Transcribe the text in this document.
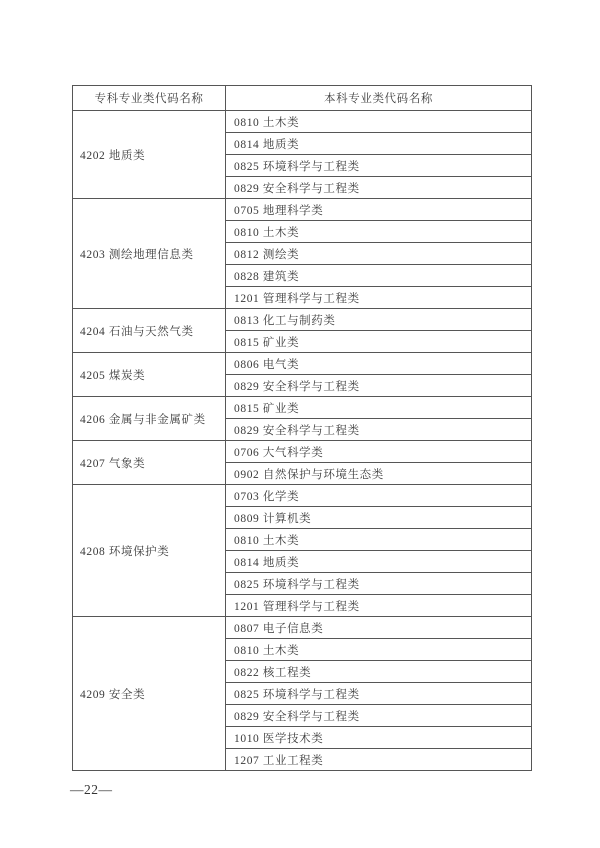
专科专业类代码名称	本科专业类代码名称
4202 地质类	0810 土木类
	0814 地质类
	0825 环境科学与工程类
	0829 安全科学与工程类
4203 测绘地理信息类	0705 地理科学类
	0810 土木类
	0812 测绘类
	0828 建筑类
	1201 管理科学与工程类
4204 石油与天然气类	0813 化工与制药类
	0815 矿业类
4205 煤炭类	0806 电气类
	0829 安全科学与工程类
4206 金属与非金属矿类	0815 矿业类
	0829 安全科学与工程类
4207 气象类	0706 大气科学类
	0902 自然保护与环境生态类
4208 环境保护类	0703 化学类
	0809 计算机类
	0810 土木类
	0814 地质类
	0825 环境科学与工程类
	1201 管理科学与工程类
4209 安全类	0807 电子信息类
	0810 土木类
	0822 核工程类
	0825 环境科学与工程类
	0829 安全科学与工程类
	1010 医学技术类
	1207 工业工程类
—22—
